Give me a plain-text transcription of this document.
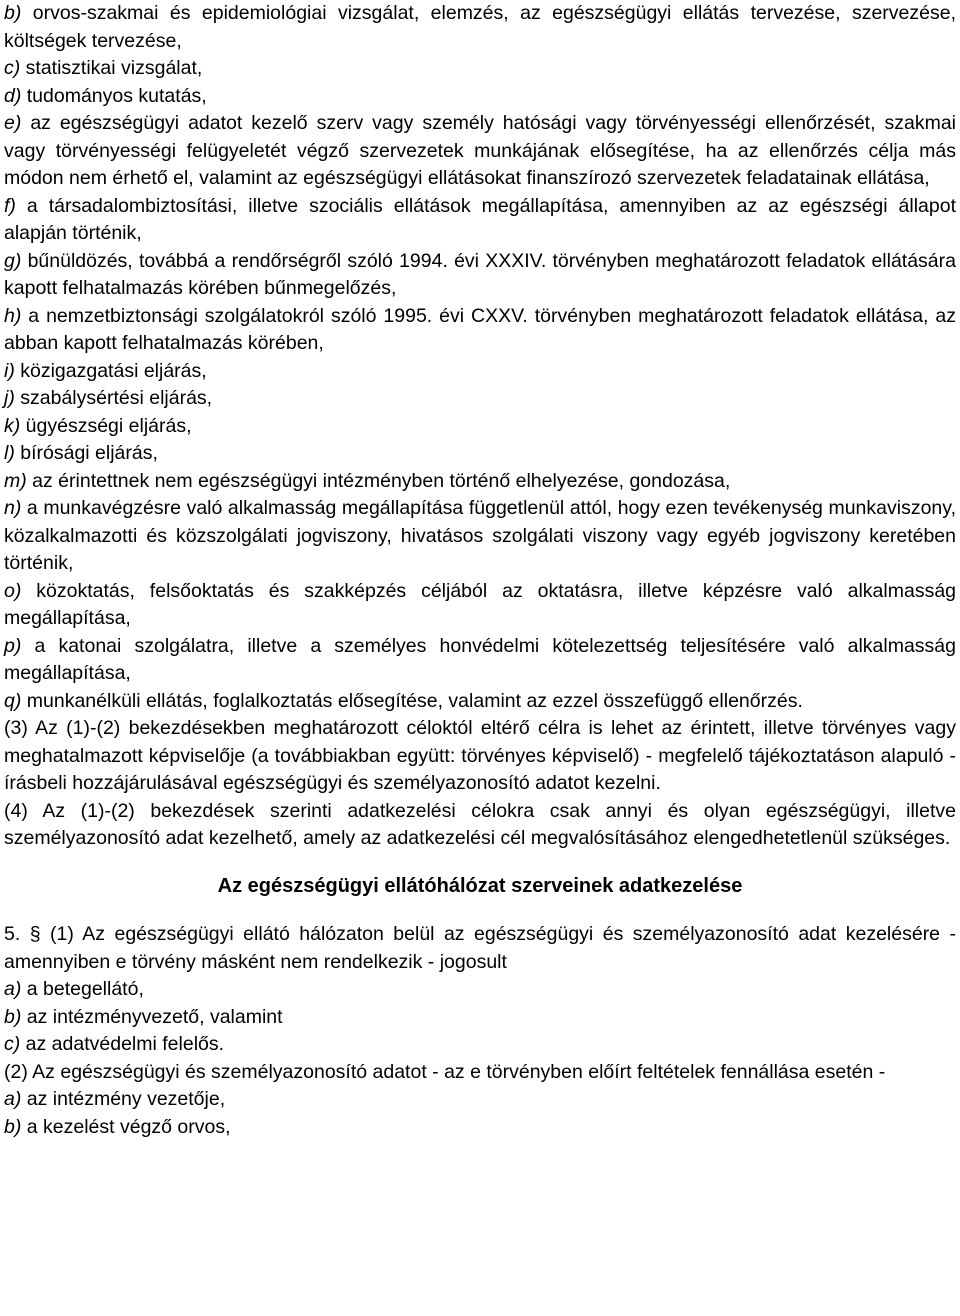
b) orvos-szakmai és epidemiológiai vizsgálat, elemzés, az egészségügyi ellátás tervezése, szervezése, költségek tervezése,

c) statisztikai vizsgálat,

d) tudományos kutatás,

e) az egészségügyi adatot kezelő szerv vagy személy hatósági vagy törvényességi ellenőrzését, szakmai vagy törvényességi felügyeletét végző szervezetek munkájának elősegítése, ha az ellenőrzés célja más módon nem érhető el, valamint az egészségügyi ellátásokat finanszírozó szervezetek feladatainak ellátása,

f) a társadalombiztosítási, illetve szociális ellátások megállapítása, amennyiben az az egészségi állapot alapján történik,

g) bűnüldözés, továbbá a rendőrségről szóló 1994. évi XXXIV. törvényben meghatározott feladatok ellátására kapott felhatalmazás körében bűnmegelőzés,

h) a nemzetbiztonsági szolgálatokról szóló 1995. évi CXXV. törvényben meghatározott feladatok ellátása, az abban kapott felhatalmazás körében,

i) közigazgatási eljárás,

j) szabálysértési eljárás,

k) ügyészségi eljárás,

l) bírósági eljárás,

m) az érintettnek nem egészségügyi intézményben történő elhelyezése, gondozása,

n) a munkavégzésre való alkalmasság megállapítása függetlenül attól, hogy ezen tevékenység munkaviszony, közalkalmazotti és közszolgálati jogviszony, hivatásos szolgálati viszony vagy egyéb jogviszony keretében történik,

o) közoktatás, felsőoktatás és szakképzés céljából az oktatásra, illetve képzésre való alkalmasság megállapítása,

p) a katonai szolgálatra, illetve a személyes honvédelmi kötelezettség teljesítésére való alkalmasság megállapítása,

q) munkanélküli ellátás, foglalkoztatás elősegítése, valamint az ezzel összefüggő ellenőrzés.

(3) Az (1)-(2) bekezdésekben meghatározott céloktól eltérő célra is lehet az érintett, illetve törvényes vagy meghatalmazott képviselője (a továbbiakban együtt: törvényes képviselő) - megfelelő tájékoztatáson alapuló - írásbeli hozzájárulásával egészségügyi és személyazonosító adatot kezelni.

(4) Az (1)-(2) bekezdések szerinti adatkezelési célokra csak annyi és olyan egészségügyi, illetve személyazonosító adat kezelhető, amely az adatkezelési cél megvalósításához elengedhetetlenül szükséges.

Az egészségügyi ellátóhálózat szerveinek adatkezelése

5. § (1) Az egészségügyi ellátó hálózaton belül az egészségügyi és személyazonosító adat kezelésére - amennyiben e törvény másként nem rendelkezik - jogosult

a) a betegellátó,

b) az intézményvezető, valamint

c) az adatvédelmi felelős.

(2) Az egészségügyi és személyazonosító adatot - az e törvényben előírt feltételek fennállása esetén -

a) az intézmény vezetője,

b) a kezelést végző orvos,
